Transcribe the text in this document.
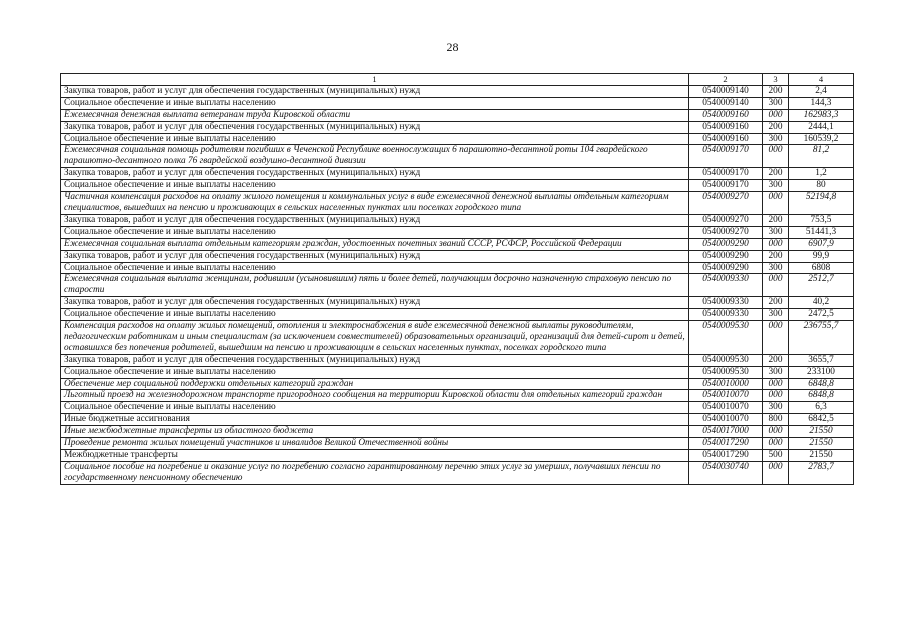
28
1	2	3	4
Закупка товаров, работ и услуг для обеспечения государственных (муниципальных) нужд	0540009140	200	2,4
Социальное обеспечение и иные выплаты населению	0540009140	300	144,3
Ежемесячная денежная выплата ветеранам труда Кировской области	0540009160	000	162983,3
Закупка товаров, работ и услуг для обеспечения государственных (муниципальных) нужд	0540009160	200	2444,1
Социальное обеспечение и иные выплаты населению	0540009160	300	160539,2
Ежемесячная социальная помощь родителям погибших в Чеченской Республике военнослужащих 6 парашютно-десантной роты 104 гвардейского парашютно-десантного полка 76 гвардейской воздушно-десантной дивизии	0540009170	000	81,2
Закупка товаров, работ и услуг для обеспечения государственных (муниципальных) нужд	0540009170	200	1,2
Социальное обеспечение и иные выплаты населению	0540009170	300	80
Частичная компенсация расходов на оплату жилого помещения и коммунальных услуг в виде ежемесячной денежной выплаты отдельным категориям специалистов, вышедших на пенсию и проживающих в сельских населенных пунктах или поселках городского типа	0540009270	000	52194,8
Закупка товаров, работ и услуг для обеспечения государственных (муниципальных) нужд	0540009270	200	753,5
Социальное обеспечение и иные выплаты населению	0540009270	300	51441,3
Ежемесячная социальная выплата отдельным категориям граждан, удостоенных почетных званий СССР, РСФСР, Российской Федерации	0540009290	000	6907,9
Закупка товаров, работ и услуг для обеспечения государственных (муниципальных) нужд	0540009290	200	99,9
Социальное обеспечение и иные выплаты населению	0540009290	300	6808
Ежемесячная социальная выплата женщинам, родившим (усыновившим) пять и более детей, получающим досрочно назначенную страховую пенсию по старости	0540009330	000	2512,7
Закупка товаров, работ и услуг для обеспечения государственных (муниципальных) нужд	0540009330	200	40,2
Социальное обеспечение и иные выплаты населению	0540009330	300	2472,5
Компенсация расходов на оплату жилых помещений, отопления и электроснабжения в виде ежемесячной денежной выплаты руководителям, педагогическим работникам и иным специалистам (за исключением совместителей) образовательных организаций, организаций для детей-сирот и детей, оставшихся без попечения родителей, вышедшим на пенсию и проживающим в сельских населенных пунктах, поселках городского типа	0540009530	000	236755,7
Закупка товаров, работ и услуг для обеспечения государственных (муниципальных) нужд	0540009530	200	3655,7
Социальное обеспечение и иные выплаты населению	0540009530	300	233100
Обеспечение мер социальной поддержки отдельных категорий граждан	0540010000	000	6848,8
Льготный проезд на железнодорожном транспорте пригородного сообщения на территории Кировской области для отдельных категорий граждан	0540010070	000	6848,8
Социальное обеспечение и иные выплаты населению	0540010070	300	6,3
Иные бюджетные ассигнования	0540010070	800	6842,5
Иные межбюджетные трансферты из областного бюджета	0540017000	000	21550
Проведение ремонта жилых помещений участников и инвалидов Великой Отечественной войны	0540017290	000	21550
Межбюджетные трансферты	0540017290	500	21550
Социальное пособие на погребение и оказание услуг по погребению согласно гарантированному перечню этих услуг за умерших, получавших пенсии по государственному пенсионному обеспечению	0540030740	000	2783,7
